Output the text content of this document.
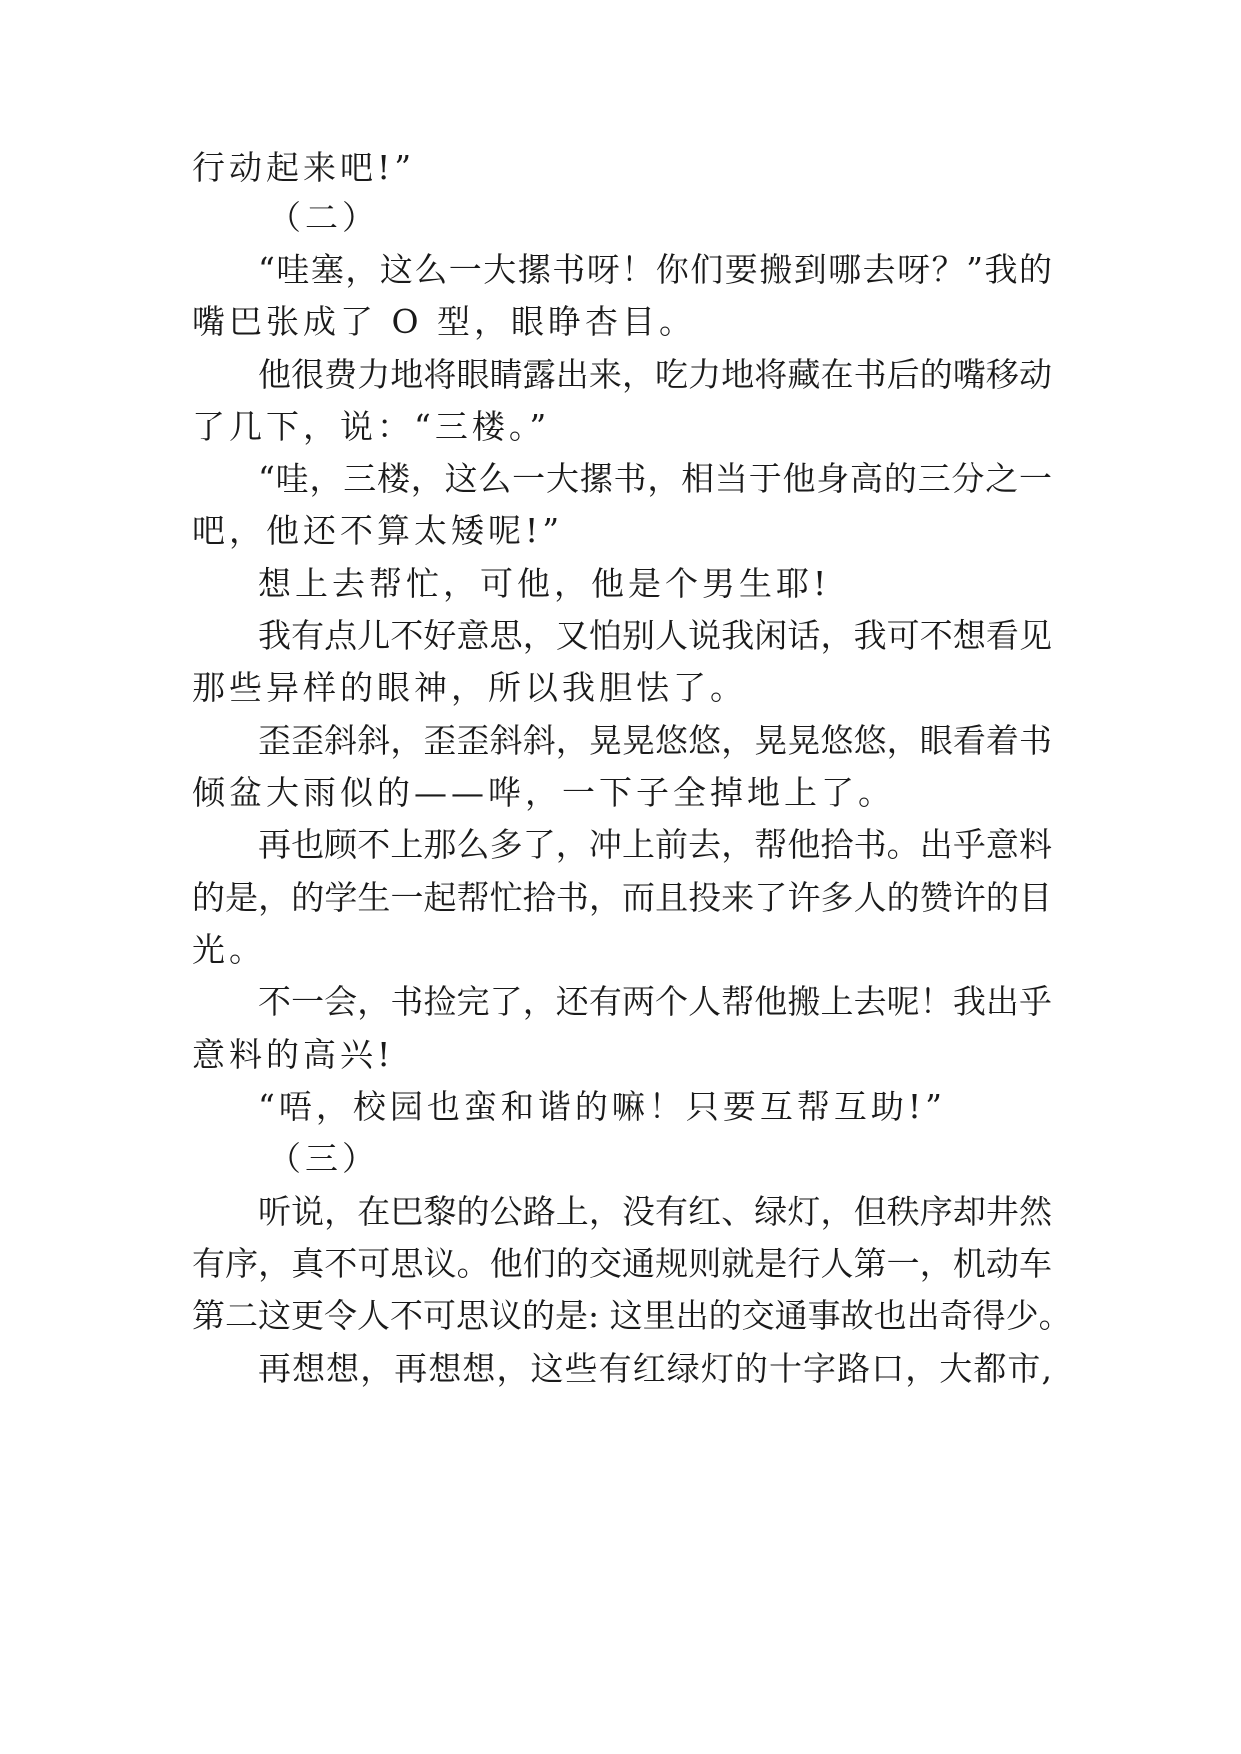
行动起来吧!”
（二）
“哇塞，这么一大摞书呀！你们要搬到哪去呀？”我的
嘴巴张成了 O 型，眼睁杏目。
他很费力地将眼睛露出来，吃力地将藏在书后的嘴移动
了几下，说：“三楼。”
“哇，三楼，这么一大摞书，相当于他身高的三分之一
吧，他还不算太矮呢!”
想上去帮忙，可他，他是个男生耶!
我有点儿不好意思，又怕别人说我闲话，我可不想看见
那些异样的眼神，所以我胆怯了。
歪歪斜斜，歪歪斜斜，晃晃悠悠，晃晃悠悠，眼看着书
倾盆大雨似的——哗，一下子全掉地上了。
再也顾不上那么多了，冲上前去，帮他拾书。出乎意料
的是，的学生一起帮忙拾书，而且投来了许多人的赞许的目
光。
不一会，书捡完了，还有两个人帮他搬上去呢！我出乎
意料的高兴!
“唔，校园也蛮和谐的嘛！只要互帮互助!”
（三）
听说，在巴黎的公路上，没有红、绿灯，但秩序却井然
有序，真不可思议。他们的交通规则就是行人第一，机动车
第二这更令人不可思议的是: 这里出的交通事故也出奇得少。
再想想，再想想，这些有红绿灯的十字路口，大都市,
